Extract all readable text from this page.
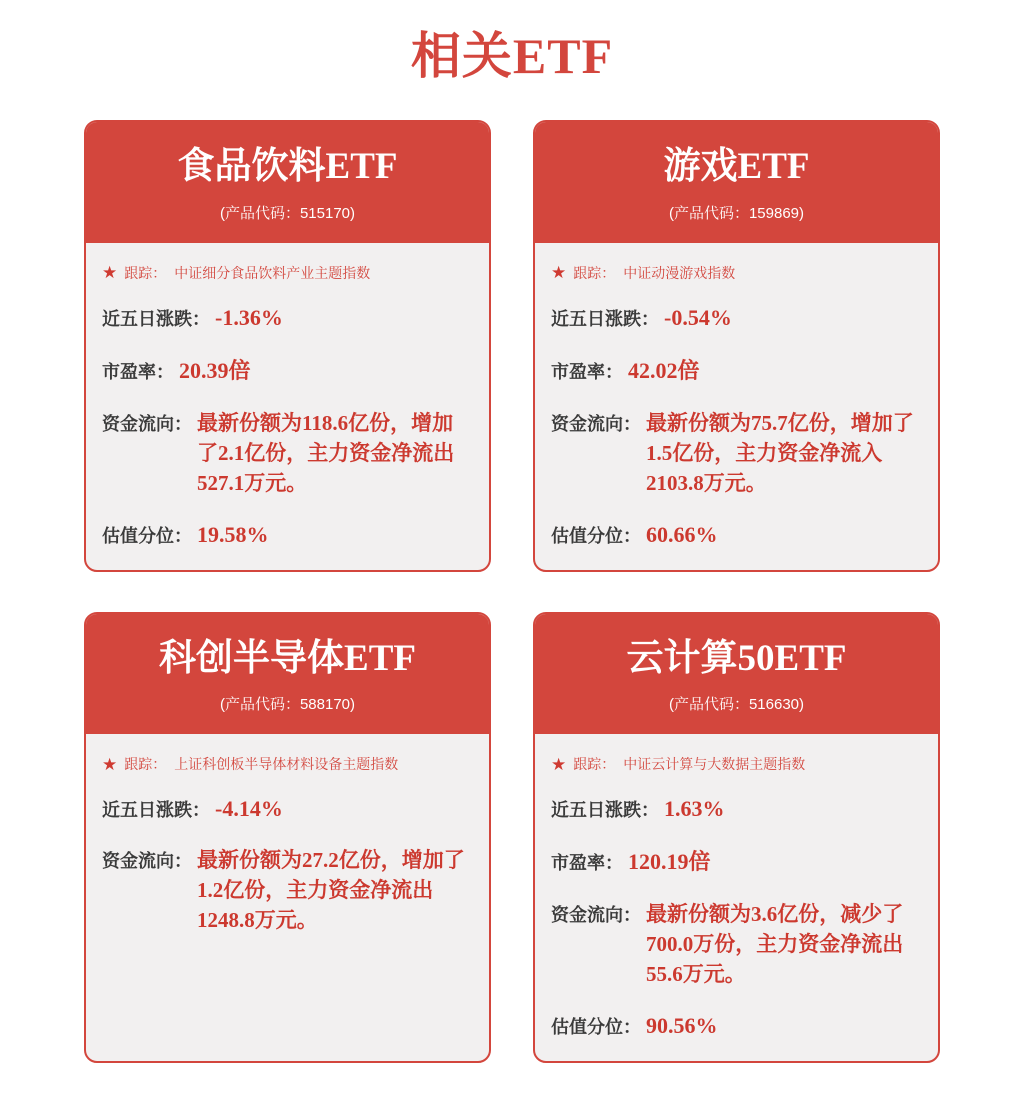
相关ETF
食品饮料ETF
(产品代码：515170)
★ 跟踪： 中证细分食品饮料产业主题指数
近五日涨跌： -1.36%
市盈率： 20.39倍
资金流向： 最新份额为118.6亿份，增加了2.1亿份，主力资金净流出527.1万元。
估值分位： 19.58%
游戏ETF
(产品代码：159869)
★ 跟踪： 中证动漫游戏指数
近五日涨跌： -0.54%
市盈率： 42.02倍
资金流向： 最新份额为75.7亿份，增加了1.5亿份，主力资金净流入2103.8万元。
估值分位： 60.66%
科创半导体ETF
(产品代码：588170)
★ 跟踪： 上证科创板半导体材料设备主题指数
近五日涨跌： -4.14%
资金流向： 最新份额为27.2亿份，增加了1.2亿份，主力资金净流出1248.8万元。
云计算50ETF
(产品代码：516630)
★ 跟踪： 中证云计算与大数据主题指数
近五日涨跌： 1.63%
市盈率： 120.19倍
资金流向： 最新份额为3.6亿份，减少了700.0万份，主力资金净流出55.6万元。
估值分位： 90.56%
